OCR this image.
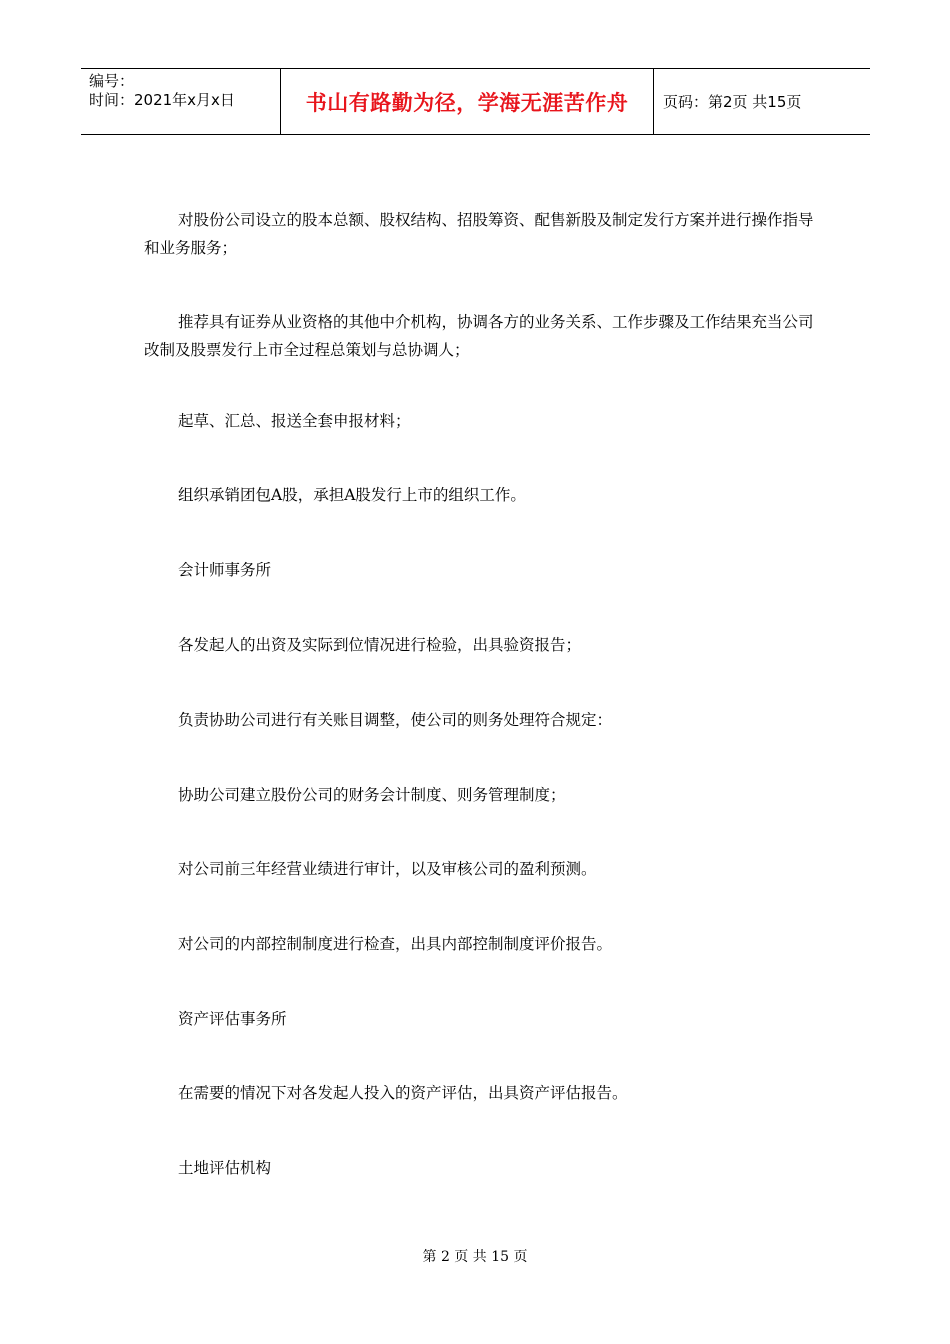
编号：
时间：2021年x月x日	书山有路勤为径，学海无涯苦作舟	页码：第2页 共15页
对股份公司设立的股本总额、股权结构、招股筹资、配售新股及制定发行方案并进行操作指导和业务服务；
推荐具有证券从业资格的其他中介机构，协调各方的业务关系、工作步骤及工作结果充当公司改制及股票发行上市全过程总策划与总协调人；
起草、汇总、报送全套申报材料；
组织承销团包A股，承担A股发行上市的组织工作。
会计师事务所
各发起人的出资及实际到位情况进行检验，出具验资报告；
负责协助公司进行有关账目调整，使公司的则务处理符合规定：
协助公司建立股份公司的财务会计制度、则务管理制度；
对公司前三年经营业绩进行审计，以及审核公司的盈利预测。
对公司的内部控制制度进行检查，出具内部控制制度评价报告。
资产评估事务所
在需要的情况下对各发起人投入的资产评估，出具资产评估报告。
土地评估机构
第 2 页 共 15 页
